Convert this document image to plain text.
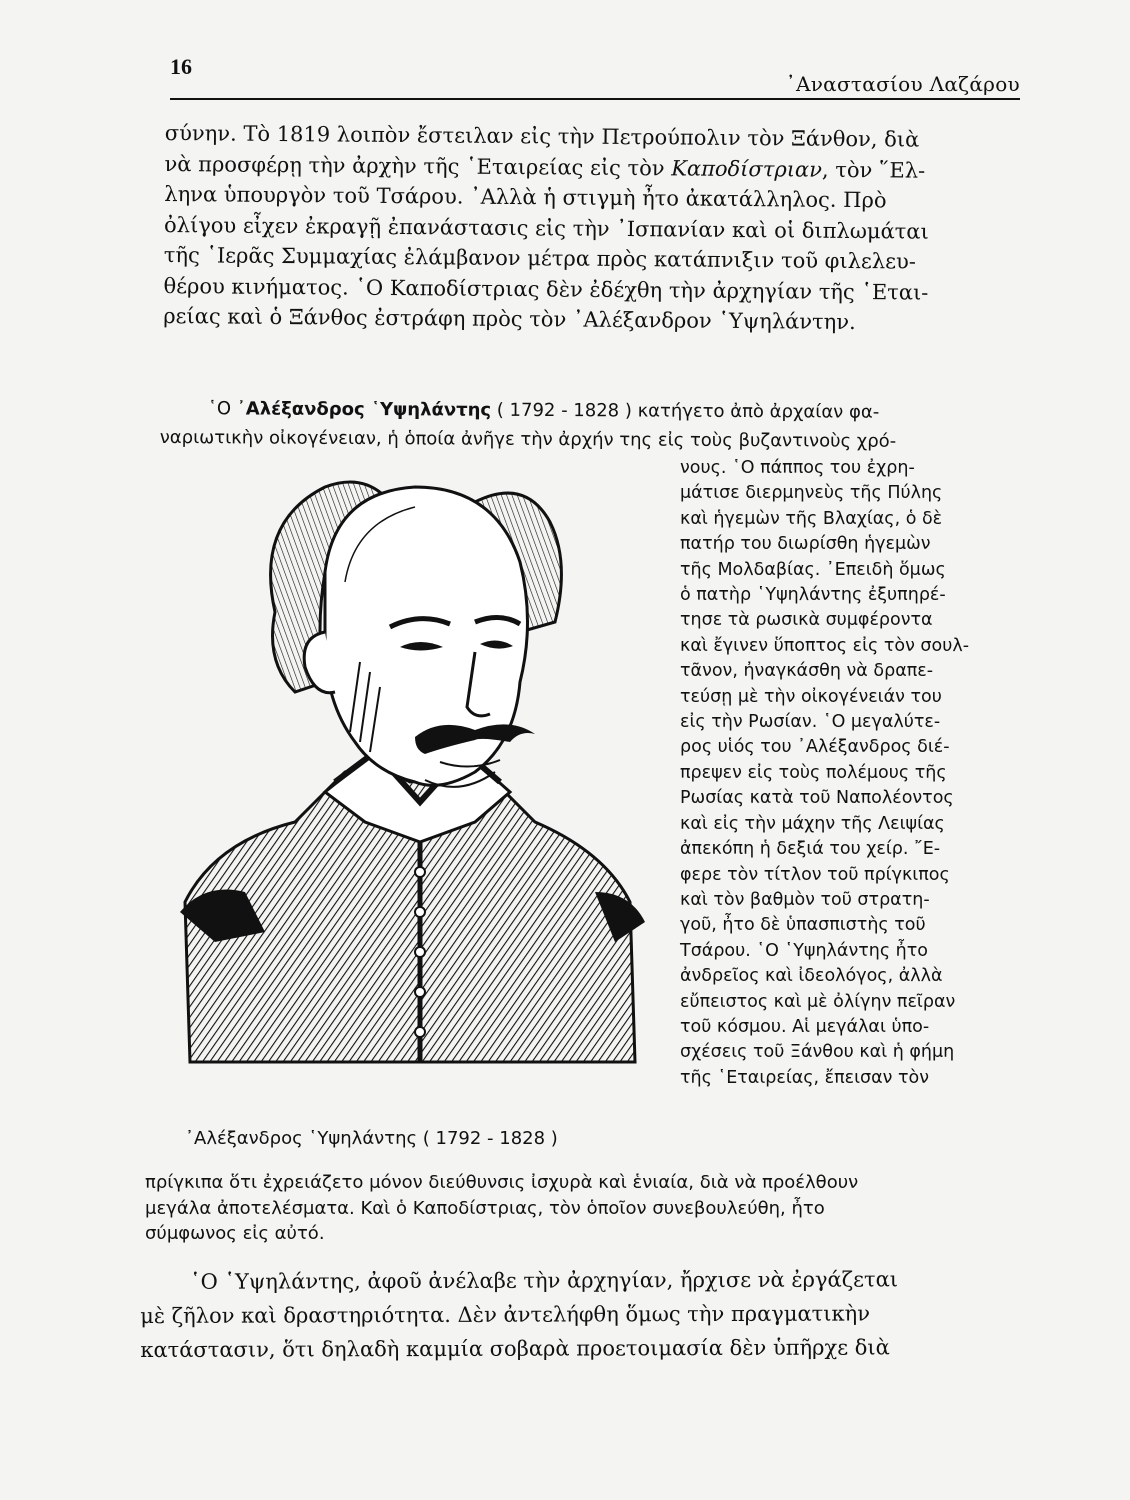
16
᾿Αναστασίου Λαζάρου

σύνην. Τὸ 1819 λοιπὸν ἔστειλαν εἰς τὴν Πετρούπολιν τὸν Ξάνθον, διὰ

νὰ προσφέρῃ τὴν ἀρχὴν τῆς ῾Εταιρείας εἰς τὸν Καποδίστριαν, τὸν ῞Ελ-

ληνα ὑπουργὸν τοῦ Τσάρου. ᾿Αλλὰ ἡ στιγμὴ ἦτο ἀκατάλληλος. Πρὸ

ὀλίγου εἶχεν ἐκραγῇ ἐπανάστασις εἰς τὴν ᾿Ισπανίαν καὶ οἱ διπλωμάται

τῆς ῾Ιερᾶς Συμμαχίας ἐλάμβανον μέτρα πρὸς κατάπνιξιν τοῦ φιλελευ-

θέρου κινήματος. ῾Ο Καποδίστριας δὲν ἐδέχθη τὴν ἀρχηγίαν τῆς ῾Εται-

ρείας καὶ ὁ Ξάνθος ἐστράφη πρὸς τὸν ᾿Αλέξανδρον ῾Υψηλάντην.

῾Ο ᾿Αλέξανδρος ῾Υψηλάντης ( 1792 - 1828 ) κατήγετο ἀπὸ ἀρχαίαν φα-

ναριωτικὴν οἰκογένειαν, ἡ ὁποία ἀνῆγε τὴν ἀρχήν της εἰς τοὺς βυζαντινοὺς χρό-

᾿Αλέξανδρος ῾Υψηλάντης ( 1792 - 1828 )

νους. ῾Ο πάππος του ἐχρη-

μάτισε διερμηνεὺς τῆς Πύλης

καὶ ἡγεμὼν τῆς Βλαχίας, ὁ δὲ

πατήρ του διωρίσθη ἡγεμὼν

τῆς Μολδαβίας. ᾿Επειδὴ ὅμως

ὁ πατὴρ ῾Υψηλάντης ἐξυπηρέ-

τησε τὰ ρωσικὰ συμφέροντα

καὶ ἔγινεν ὕποπτος εἰς τὸν σουλ-

τᾶνον, ἠναγκάσθη νὰ δραπε-

τεύσῃ μὲ τὴν οἰκογένειάν του

εἰς τὴν Ρωσίαν. ῾Ο μεγαλύτε-

ρος υἱός του ᾿Αλέξανδρος διέ-

πρεψεν εἰς τοὺς πολέμους τῆς

Ρωσίας κατὰ τοῦ Ναπολέοντος

καὶ εἰς τὴν μάχην τῆς Λειψίας

ἀπεκόπη ἡ δεξιά του χείρ. ῎Ε-

φερε τὸν τίτλον τοῦ πρίγκιπος

καὶ τὸν βαθμὸν τοῦ στρατη-

γοῦ, ἦτο δὲ ὑπασπιστὴς τοῦ

Τσάρου. ῾Ο ῾Υψηλάντης ἦτο

ἀνδρεῖος καὶ ἰδεολόγος, ἀλλὰ

εὔπειστος καὶ μὲ ὀλίγην πεῖραν

τοῦ κόσμου. Αἱ μεγάλαι ὑπο-

σχέσεις τοῦ Ξάνθου καὶ ἡ φήμη

τῆς ῾Εταιρείας, ἔπεισαν τὸν

πρίγκιπα ὅτι ἐχρειάζετο μόνον διεύθυνσις ἰσχυρὰ καὶ ἑνιαία, διὰ νὰ προέλθουν

μεγάλα ἀποτελέσματα. Καὶ ὁ Καποδίστριας, τὸν ὁποῖον συνεβουλεύθη, ἦτο

σύμφωνος εἰς αὐτό.

῾Ο ῾Υψηλάντης, ἀφοῦ ἀνέλαβε τὴν ἀρχηγίαν, ἤρχισε νὰ ἐργάζεται

μὲ ζῆλον καὶ δραστηριότητα. Δὲν ἀντελήφθη ὅμως τὴν πραγματικὴν

κατάστασιν, ὅτι δηλαδὴ καμμία σοβαρὰ προετοιμασία δὲν ὑπῆρχε διὰ
